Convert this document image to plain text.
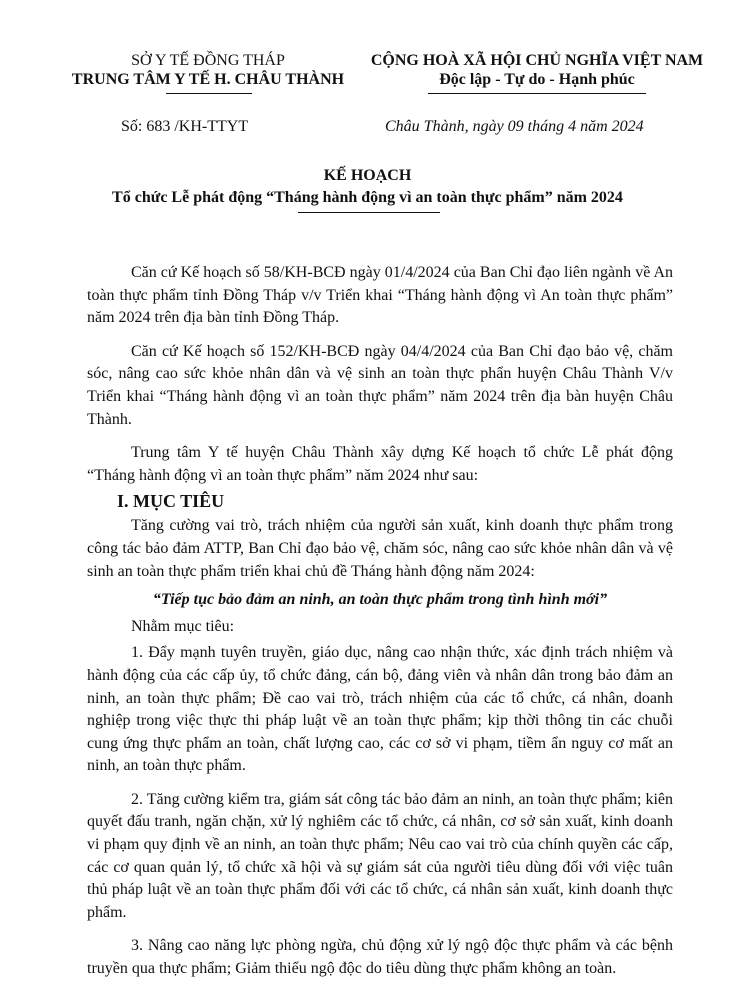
SỞ Y TẾ ĐỒNG THÁP
TRUNG TÂM Y TẾ H. CHÂU THÀNH
CỘNG HOÀ XÃ HỘI CHỦ NGHĨA VIỆT NAM
Độc lập - Tự do - Hạnh phúc
Số: 683 /KH-TTYT	Châu Thành, ngày 09 tháng 4 năm 2024
KẾ HOẠCH
Tổ chức Lễ phát động “Tháng hành động vì an toàn thực phẩm” năm 2024

Căn cứ Kế hoạch số 58/KH-BCĐ ngày 01/4/2024 của Ban Chỉ đạo liên ngành về An toàn thực phẩm tỉnh Đồng Tháp v/v Triển khai “Tháng hành động vì An toàn thực phẩm” năm 2024 trên địa bàn tỉnh Đồng Tháp.

Căn cứ Kế hoạch số 152/KH-BCĐ ngày 04/4/2024 của Ban Chỉ đạo bảo vệ, chăm sóc, nâng cao sức khỏe nhân dân và vệ sinh an toàn thực phẩn huyện Châu Thành V/v Triển khai “Tháng hành động vì an toàn thực phẩm” năm 2024 trên địa bàn huyện Châu Thành.

Trung tâm Y tế huyện Châu Thành xây dựng Kế hoạch tổ chức Lễ phát động “Tháng hành động vì an toàn thực phẩm” năm 2024 như sau:

I. MỤC TIÊU

Tăng cường vai trò, trách nhiệm của người sản xuất, kinh doanh thực phẩm trong công tác bảo đảm ATTP, Ban Chỉ đạo bảo vệ, chăm sóc, nâng cao sức khỏe nhân dân và vệ sinh an toàn thực phẩm triển khai chủ đề Tháng hành động năm 2024:

“Tiếp tục bảo đảm an ninh, an toàn thực phẩm trong tình hình mới”

Nhằm mục tiêu:

1. Đẩy mạnh tuyên truyền, giáo dục, nâng cao nhận thức, xác định trách nhiệm và hành động của các cấp ủy, tổ chức đảng, cán bộ, đảng viên và nhân dân trong bảo đảm an ninh, an toàn thực phẩm; Đề cao vai trò, trách nhiệm của các tổ chức, cá nhân, doanh nghiệp trong việc thực thi pháp luật về an toàn thực phẩm; kịp thời thông tin các chuỗi cung ứng thực phẩm an toàn, chất lượng cao, các cơ sở vi phạm, tiềm ẩn nguy cơ mất an ninh, an toàn thực phẩm.

2. Tăng cường kiểm tra, giám sát công tác bảo đảm an ninh, an toàn thực phẩm; kiên quyết đấu tranh, ngăn chặn, xử lý nghiêm các tổ chức, cá nhân, cơ sở sản xuất, kinh doanh vi phạm quy định về an ninh, an toàn thực phẩm; Nêu cao vai trò của chính quyền các cấp, các cơ quan quản lý, tổ chức xã hội và sự giám sát của người tiêu dùng đối với việc tuân thủ pháp luật về an toàn thực phẩm đối với các tổ chức, cá nhân sản xuất, kinh doanh thực phẩm.

3. Nâng cao năng lực phòng ngừa, chủ động xử lý ngộ độc thực phẩm và các bệnh truyền qua thực phẩm; Giảm thiểu ngộ độc do tiêu dùng thực phẩm không an toàn.
